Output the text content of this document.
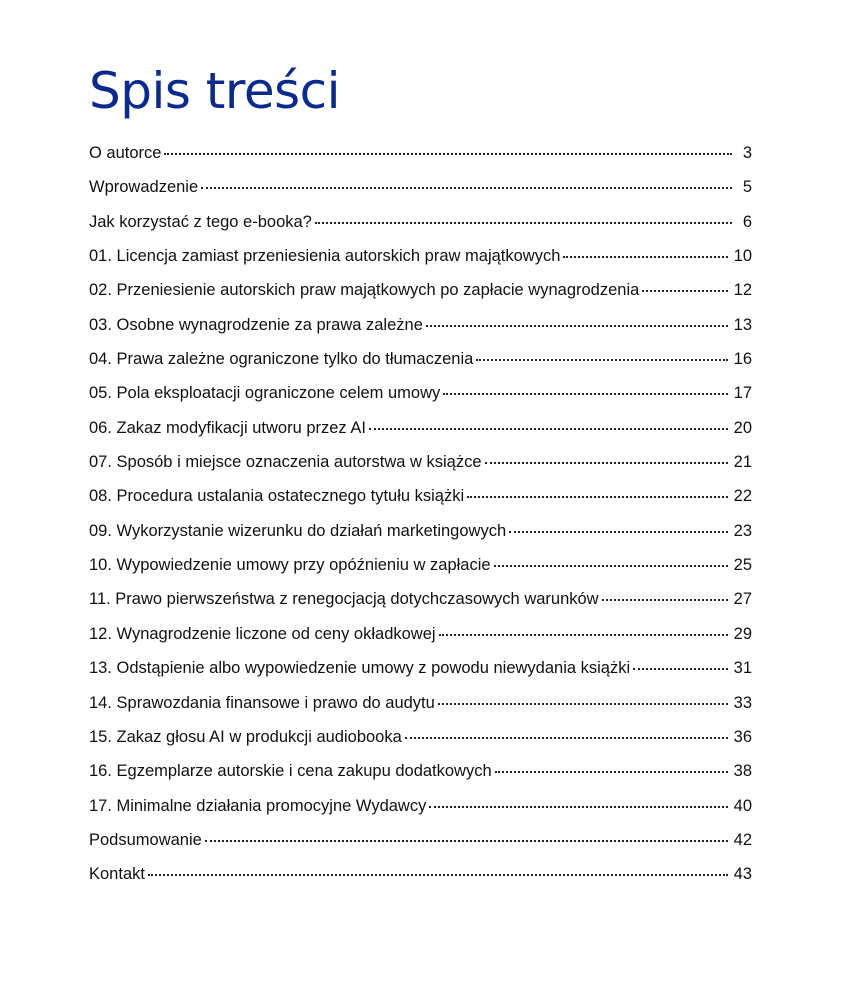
Spis treści
O autorce	3
Wprowadzenie	5
Jak korzystać z tego e-booka?	6
01. Licencja zamiast przeniesienia autorskich praw majątkowych	10
02. Przeniesienie autorskich praw majątkowych po zapłacie wynagrodzenia	12
03. Osobne wynagrodzenie za prawa zależne	13
04. Prawa zależne ograniczone tylko do tłumaczenia	16
05. Pola eksploatacji ograniczone celem umowy	17
06. Zakaz modyfikacji utworu przez AI	20
07. Sposób i miejsce oznaczenia autorstwa w książce	21
08. Procedura ustalania ostatecznego tytułu książki	22
09. Wykorzystanie wizerunku do działań marketingowych	23
10. Wypowiedzenie umowy przy opóźnieniu w zapłacie	25
11. Prawo pierwszeństwa z renegocjacją dotychczasowych warunków	27
12. Wynagrodzenie liczone od ceny okładkowej	29
13. Odstąpienie albo wypowiedzenie umowy z powodu niewydania książki	31
14. Sprawozdania finansowe i prawo do audytu	33
15. Zakaz głosu AI w produkcji audiobooka	36
16. Egzemplarze autorskie i cena zakupu dodatkowych	38
17. Minimalne działania promocyjne Wydawcy	40
Podsumowanie	42
Kontakt	43
